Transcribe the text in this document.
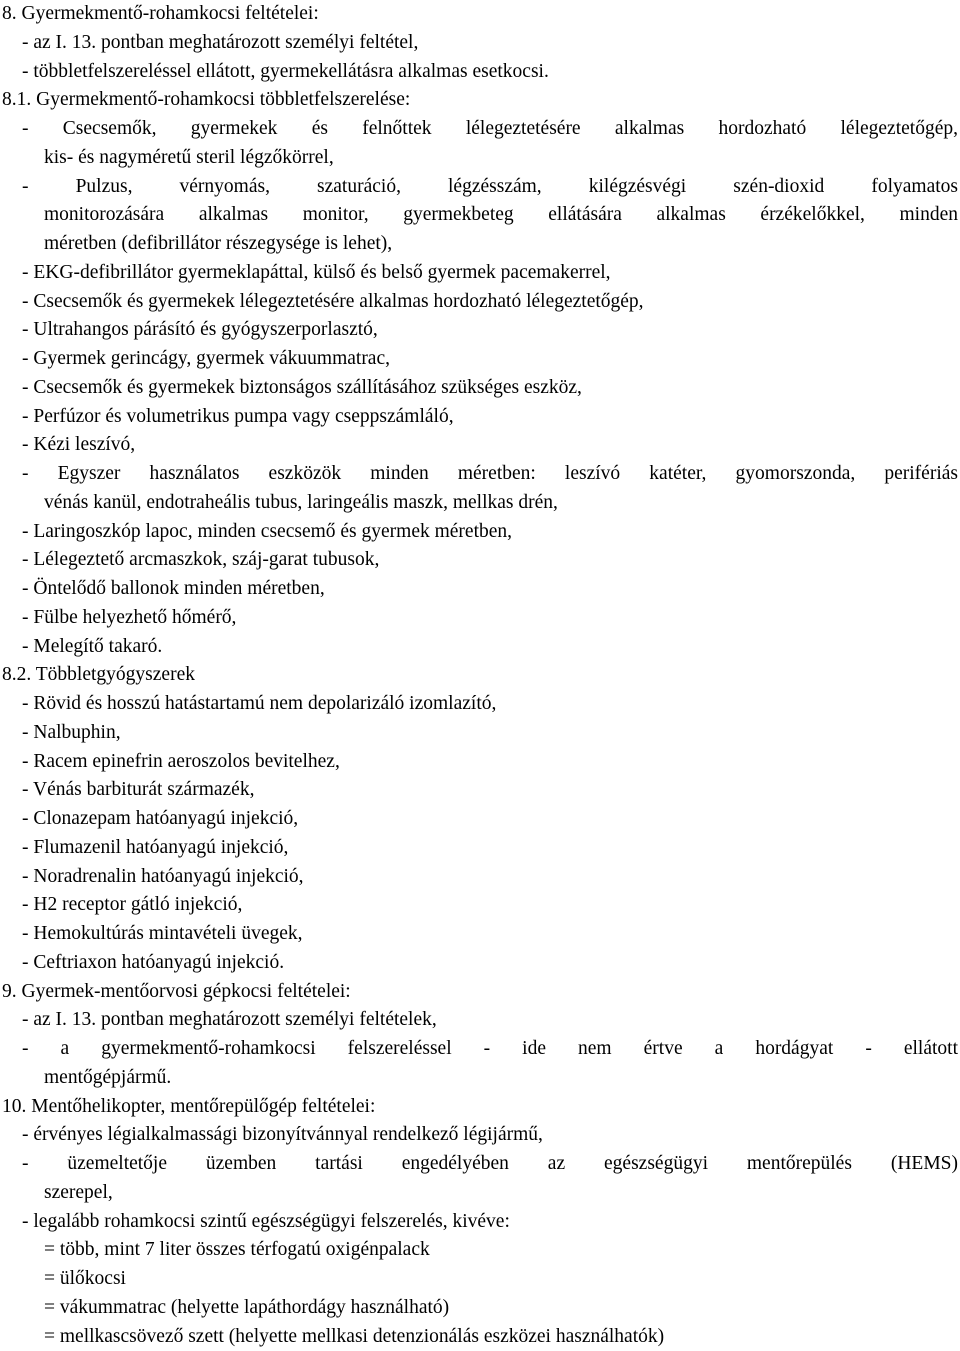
8. Gyermekmentő-rohamkocsi feltételei:
- az I. 13. pontban meghatározott személyi feltétel,
- többletfelszereléssel ellátott, gyermekellátásra alkalmas esetkocsi.
8.1. Gyermekmentő-rohamkocsi többletfelszerelése:
- Csecsemők, gyermekek és felnőttek lélegeztetésére alkalmas hordozható lélegeztetőgép,
kis- és nagyméretű steril légzőkörrel,
- Pulzus, vérnyomás, szaturáció, légzésszám, kilégzésvégi szén-dioxid folyamatos
monitorozására alkalmas monitor, gyermekbeteg ellátására alkalmas érzékelőkkel, minden
méretben (defibrillátor részegysége is lehet),
- EKG-defibrillátor gyermeklapáttal, külső és belső gyermek pacemakerrel,
- Csecsemők és gyermekek lélegeztetésére alkalmas hordozható lélegeztetőgép,
- Ultrahangos párásító és gyógyszerporlasztó,
- Gyermek gerincágy, gyermek vákuummatrac,
- Csecsemők és gyermekek biztonságos szállításához szükséges eszköz,
- Perfúzor és volumetrikus pumpa vagy cseppszámláló,
- Kézi leszívó,
- Egyszer használatos eszközök minden méretben: leszívó katéter, gyomorszonda, perifériás
vénás kanül, endotraheális tubus, laringeális maszk, mellkas drén,
- Laringoszkóp lapoc, minden csecsemő és gyermek méretben,
- Lélegeztető arcmaszkok, száj-garat tubusok,
- Öntelődő ballonok minden méretben,
- Fülbe helyezhető hőmérő,
- Melegítő takaró.
8.2. Többletgyógyszerek
- Rövid és hosszú hatástartamú nem depolarizáló izomlazító,
- Nalbuphin,
- Racem epinefrin aeroszolos bevitelhez,
- Vénás barbiturát származék,
- Clonazepam hatóanyagú injekció,
- Flumazenil hatóanyagú injekció,
- Noradrenalin hatóanyagú injekció,
- H2 receptor gátló injekció,
- Hemokultúrás mintavételi üvegek,
- Ceftriaxon hatóanyagú injekció.
9. Gyermek-mentőorvosi gépkocsi feltételei:
- az I. 13. pontban meghatározott személyi feltételek,
- a gyermekmentő-rohamkocsi felszereléssel - ide nem értve a hordágyat - ellátott
mentőgépjármű.
10. Mentőhelikopter, mentőrepülőgép feltételei:
- érvényes légialkalmassági bizonyítvánnyal rendelkező légijármű,
- üzemeltetője üzemben tartási engedélyében az egészségügyi mentőrepülés (HEMS)
szerepel,
- legalább rohamkocsi szintű egészségügyi felszerelés, kivéve:
= több, mint 7 liter összes térfogatú oxigénpalack
= ülőkocsi
= vákummatrac (helyette lapáthordágy használható)
= mellkascsövező szett (helyette mellkasi detenzionálás eszközei használhatók)
